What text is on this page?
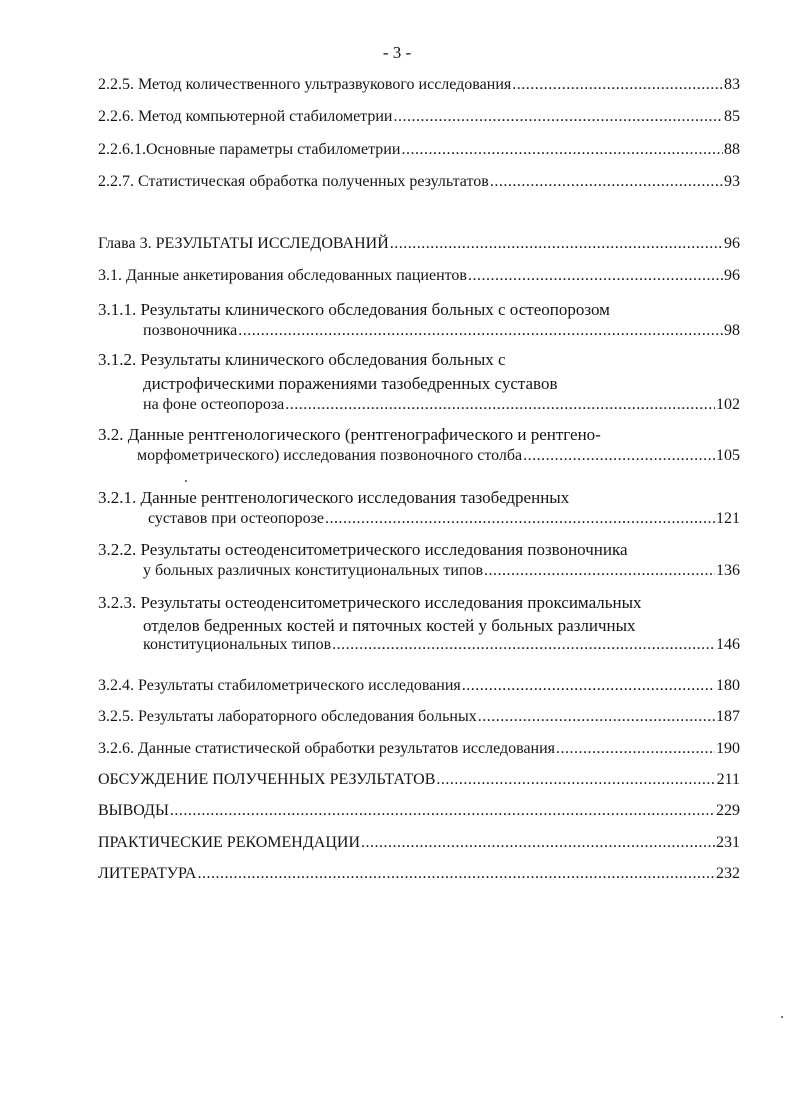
- 3 -
2.2.5. Метод количественного ультразвукового исследования .....	83
2.2.6. Метод компьютерной стабилометрии .....	85
2.2.6.1.Основные параметры стабилометрии .....	88
2.2.7. Статистическая обработка полученных результатов .....	93
Глава 3. РЕЗУЛЬТАТЫ ИССЛЕДОВАНИЙ .....	96
3.1. Данные анкетирования обследованных пациентов .....	96
3.1.1. Результаты клинического обследования больных с остеопорозом
позвоночника .....	98
3.1.2. Результаты клинического обследования больных с
дистрофическими поражениями тазобедренных суставов
на фоне остеопороза .....	102
3.2. Данные рентгенологического (рентгенографического и рентгено-
морфометрического) исследования позвоночного столба .....	105
3.2.1. Данные рентгенологического исследования тазобедренных
суставов при остеопорозе .....	121
3.2.2. Результаты остеоденситометрического исследования позвоночника
у больных различных конституциональных типов .....	136
3.2.3. Результаты остеоденситометрического исследования проксимальных
отделов бедренных костей и пяточных костей у больных различных
конституциональных типов .....	146
3.2.4. Результаты стабилометрического исследования .....	180
3.2.5. Результаты лабораторного обследования больных .....	187
3.2.6. Данные статистической обработки результатов исследования .....	190
ОБСУЖДЕНИЕ ПОЛУЧЕННЫХ РЕЗУЛЬТАТОВ .....	211
ВЫВОДЫ .....	229
ПРАКТИЧЕСКИЕ РЕКОМЕНДАЦИИ .....	231
ЛИТЕРАТУРА .....	232
